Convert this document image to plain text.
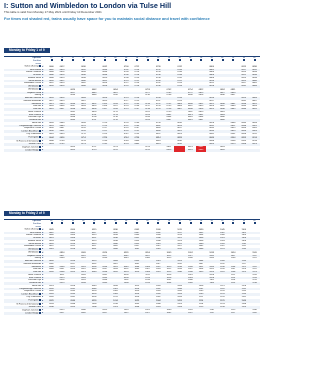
I: Sutton and Wimbledon to London via Tulse Hill
This table is valid from Monday 17 May 2021 until Friday 10 December 2021
For times not shaded red, trains usually have space for you to maintain social distance and travel with confidence
Monday to Friday 1 of 9
Operator		TL	TL	TL	TL	TL	TL	TL	TL	TL	TL	TL	TL	TL	TL	TL	TL	TL	TL	TL	TL
Facilities																					
Notes																					
Sutton (Surrey)	d	0600	0612		0630		0642		0700	0712		0730		0742			0800			0815	0830
West Sutton	d	0602	0614		0632		0644		0702	0714		0732		0744			0802			0817	0832
Sutton Common	d	0604	0616		0634		0646		0704	0716		0734		0746			0804			0819	0834
St Helier	d	0606	0618		0636		0648		0706	0718		0736		0748			0806			0821	0836
Morden South	d	0608	0620		0638		0650		0708	0720		0738		0750			0808			0823	0838
South Merton	d	0610	0622		0640		0652		0710	0722		0740		0752			0810			0825	0840
Wimbledon Chase	d	0612	0624		0642		0654		0712	0724		0742		0754			0812			0827	0842
Wimbledon	a	0616	0628		0646		0658		0716	0728		0746		0758			0816			0831	0846
Wimbledon	d			0624		0642		0654			0724		0742		0754	0812		0824	0831		
Haydons Road	d			0627		0645		0657			0727		0745		0757	0815		0827	0834		
Tooting	d			0630		0648		0700			0730		0748		0800	0818		0830	0837		
Mitcham Junction	d	0614	0626		0644		0656		0714	0726		0744		0756			0814			0829	0844
Mitcham Eastfields	d	0617	0629		0647		0659		0717	0729		0747		0759			0817			0832	0847
Streatham	d	0621	0633	0634	0651	0652	0703	0704	0721	0733	0734	0751	0752	0803	0804	0822	0821	0834	0841	0836	0851
Tulse Hill	a	0624	0636	0637	0654	0655	0706	0707	0724	0736	0737	0754	0755	0806	0807	0825	0824	0837	0844	0839	0854
Tulse Hill	d	0625	0637	0638	0655	0656	0707	0708	0725	0737	0738	0755	0756	0807	0808	0826	0825	0838	0845	0840	0855
North Dulwich	d			0641		0659		0711			0741		0759		0811	0829		0841			
East Dulwich	d			0643		0701		0713			0743		0801		0813	0831		0843			
Peckham Rye	d			0646		0704		0716			0746		0804		0816	0834		0846			
Denmark Hill	d			0649		0707		0719			0749		0807		0819	0837		0849			
Herne Hill	d	0628	0640		0658		0710		0728	0740		0758		0810			0828		0848	0843	0858
Loughborough Junction	d	0631	0643		0701		0713		0731	0743		0801		0813			0831		0851	0846	0901
Elephant & Castle	d	0635	0647		0705		0717		0735	0747		0805		0817			0835		0855	0850	0905
London Blackfriars	a	0639	0651		0709		0721		0739	0751		0809		0821			0839		0859	0854	0909
City Thameslink	a	0641	0653		0711		0723		0741	0753		0811		0823			0841		0901	0856	0911
Farringdon	a	0644	0656		0714		0726		0744	0756		0814		0826			0844		0904	0859	0914
St Pancras International	a	0648	0700		0718		0730		0748	0800		0818		0830			0848		0908	0903	0918
Kentish Town	a	0653	0705		0723		0735		0753	0805		0823		0835			0853		0913	0908	0923
Clapham Junction	a			0653		0711		0723			0753		0811		0823	0841		0853			
London Bridge	a			0655		0713		0725			0755		0813		0825	0843		0855			
Monday to Friday 2 of 9
Operator		TL	TL	TL	TL	TL	TL	TL	TL	TL	TL	TL	TL	TL	TL	TL	TL	TL	TL	TL	TL
Facilities																					
Notes																					
Sutton (Surrey)	d	0845		0900		0915		0930		0945		1000		1015		1030		1045		1100	
West Sutton	d	0847		0902		0917		0932		0947		1002		1017		1032		1047		1102	
Sutton Common	d	0849		0904		0919		0934		0949		1004		1019		1034		1049		1104	
St Helier	d	0851		0906		0921		0936		0951		1006		1021		1036		1051		1106	
Morden South	d	0853		0908		0923		0938		0953		1008		1023		1038		1053		1108	
South Merton	d	0855		0910		0925		0940		0955		1010		1025		1040		1055		1110	
Wimbledon Chase	d	0857		0912		0927		0942		0957		1012		1027		1042		1057		1112	
Wimbledon	a	0901		0916		0931		0946		1001		1016		1031		1046		1101		1116	
Wimbledon	d		0854		0909		0924		0939		0954		1009		1024		1039		1054		1109
Haydons Road	d		0857		0912		0927		0942		0957		1012		1027		1042		1057		1112
Tooting	d		0900		0915		0930		0945		1000		1015		1030		1045		1100		1115
Mitcham Junction	d	0859		0914		0929		0944		0959		1014		1029		1044		1059		1114	
Mitcham Eastfields	d	0902		0917		0932		0947		1002		1017		1032		1047		1102		1117	
Streatham	d	0906	0904	0921	0919	0936	0934	0951	0949	1006	1004	1021	1019	1036	1034	1051	1049	1106	1104	1121	1119
Tulse Hill	a	0909	0907	0924	0922	0939	0937	0954	0952	1009	1007	1024	1022	1039	1037	1054	1052	1109	1107	1124	1122
Tulse Hill	d	0910	0908	0925	0923	0940	0938	0955	0953	1010	1008	1025	1023	1040	1038	1055	1053	1110	1108	1125	1123
North Dulwich	d		0911		0926		0941		0956		1011		1026		1041		1056		1111		1126
East Dulwich	d		0913		0928		0943		0958		1013		1028		1043		1058		1113		1128
Peckham Rye	d		0916		0931		0946		1001		1016		1031		1046		1101		1116		1131
Denmark Hill	d		0919		0934		0949		1004		1019		1034		1049		1104		1119		1134
Herne Hill	d	0913		0928		0943		0958		1013		1028		1043		1058		1113		1128	
Loughborough Junction	d	0916		0931		0946		1001		1016		1031		1046		1101		1116		1131	
Elephant & Castle	d	0920		0935		0950		1005		1020		1035		1050		1105		1120		1135	
London Blackfriars	a	0924		0939		0954		1009		1024		1039		1054		1109		1124		1139	
City Thameslink	a	0926		0941		0956		1011		1026		1041		1056		1111		1126		1141	
Farringdon	a	0929		0944		0959		1014		1029		1044		1059		1114		1129		1144	
St Pancras International	a	0933		0948		1003		1018		1033		1048		1103		1118		1133		1148	
Kentish Town	a	0938		0953		1008		1023		1038		1053		1108		1123		1138		1153	
Clapham Junction	a		0925		0940		0955		1010		1025		1040		1055		1110		1125		1140
London Bridge	a		0927		0942		0957		1012		1027		1042		1057		1112		1127		1142
